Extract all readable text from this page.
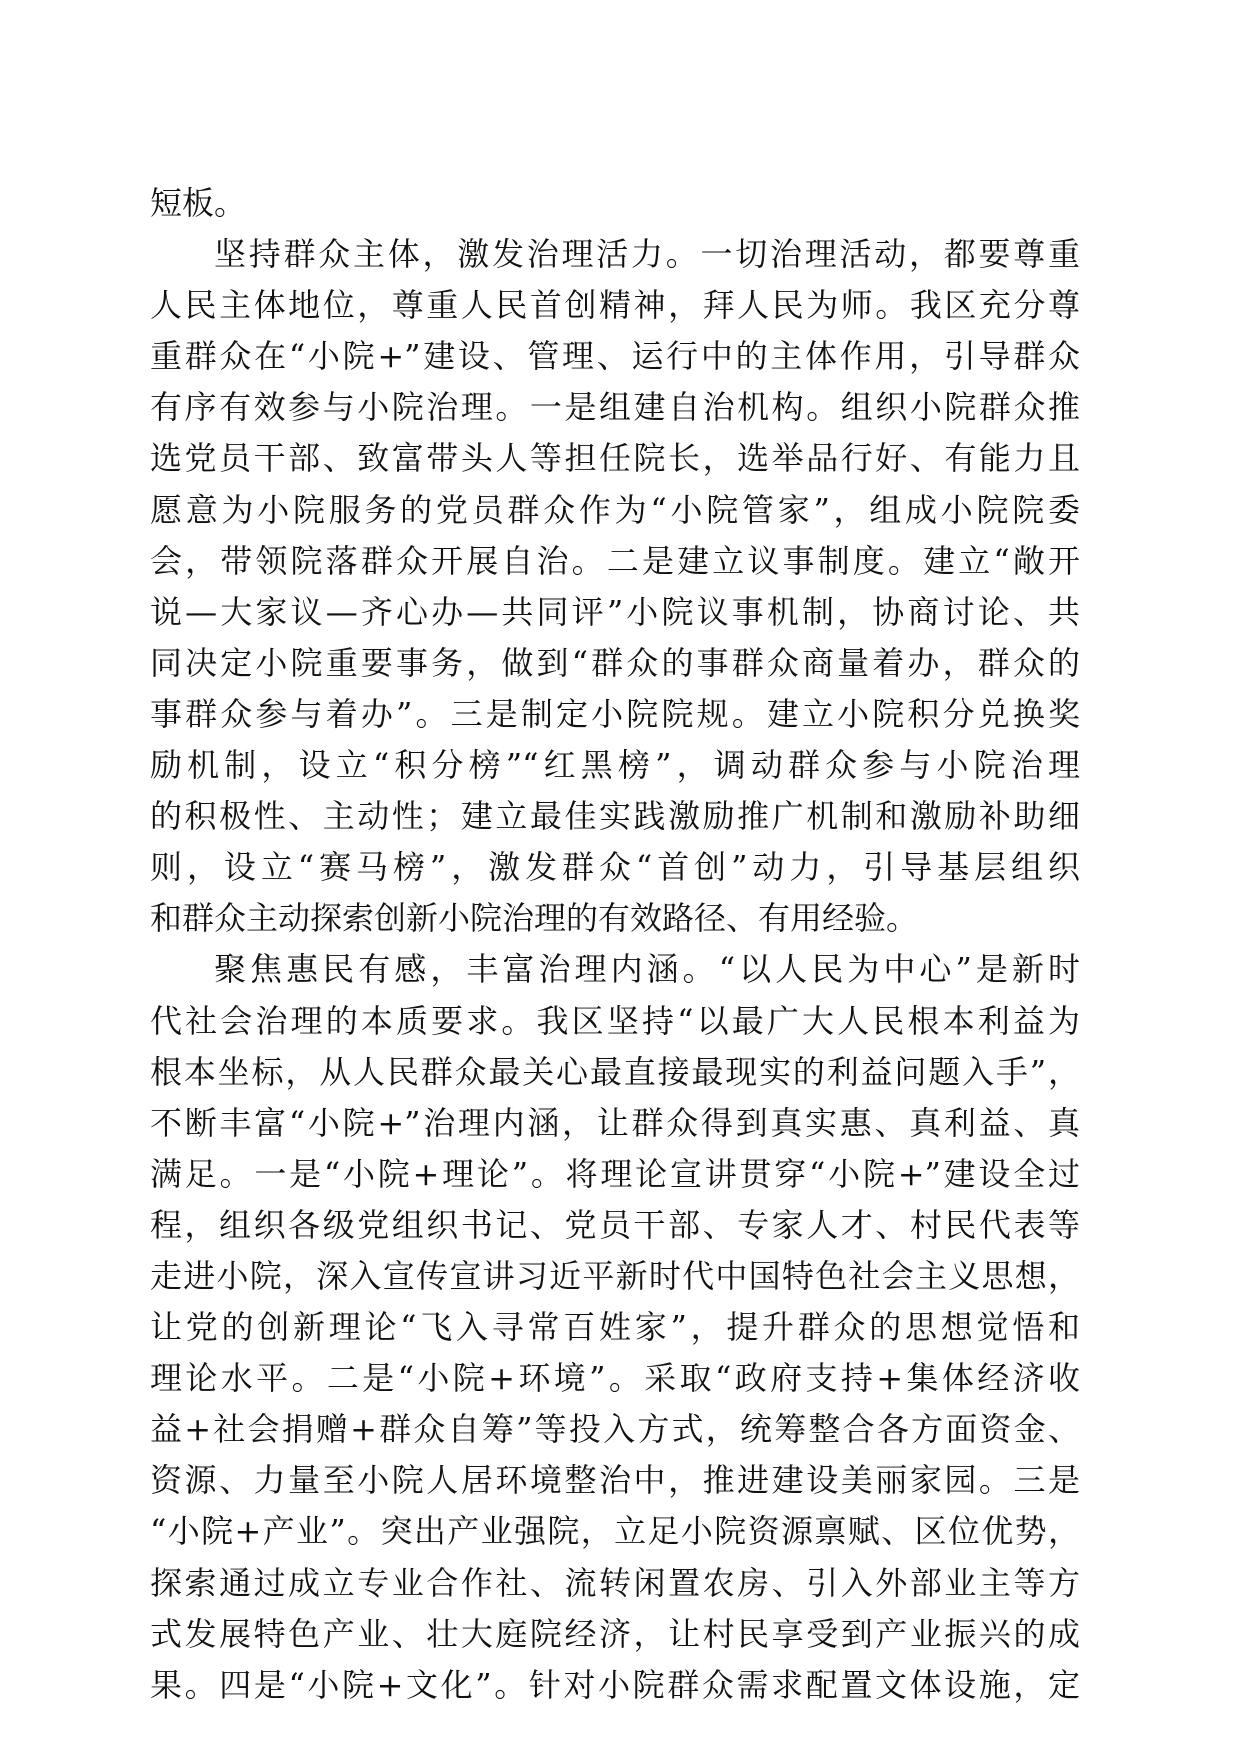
短板。
坚持群众主体，激发治理活力。一切治理活动，都要尊重
人民主体地位，尊重人民首创精神，拜人民为师。我区充分尊
重群众在“小院+”建设、管理、运行中的主体作用，引导群众
有序有效参与小院治理。一是组建自治机构。组织小院群众推
选党员干部、致富带头人等担任院长，选举品行好、有能力且
愿意为小院服务的党员群众作为“小院管家”，组成小院院委
会，带领院落群众开展自治。二是建立议事制度。建立“敞开
说—大家议—齐心办—共同评”小院议事机制，协商讨论、共
同决定小院重要事务，做到“群众的事群众商量着办，群众的
事群众参与着办”。三是制定小院院规。建立小院积分兑换奖
励机制，设立“积分榜”“红黑榜”，调动群众参与小院治理
的积极性、主动性；建立最佳实践激励推广机制和激励补助细
则，设立“赛马榜”，激发群众“首创”动力，引导基层组织
和群众主动探索创新小院治理的有效路径、有用经验。
聚焦惠民有感，丰富治理内涵。“以人民为中心”是新时
代社会治理的本质要求。我区坚持“以最广大人民根本利益为
根本坐标，从人民群众最关心最直接最现实的利益问题入手”，
不断丰富“小院+”治理内涵，让群众得到真实惠、真利益、真
满足。一是“小院+理论”。将理论宣讲贯穿“小院+”建设全过
程，组织各级党组织书记、党员干部、专家人才、村民代表等
走进小院，深入宣传宣讲习近平新时代中国特色社会主义思想，
让党的创新理论“飞入寻常百姓家”，提升群众的思想觉悟和
理论水平。二是“小院+环境”。采取“政府支持+集体经济收
益+社会捐赠+群众自筹”等投入方式，统筹整合各方面资金、
资源、力量至小院人居环境整治中，推进建设美丽家园。三是
“小院+产业”。突出产业强院，立足小院资源禀赋、区位优势，
探索通过成立专业合作社、流转闲置农房、引入外部业主等方
式发展特色产业、壮大庭院经济，让村民享受到产业振兴的成
果。四是“小院+文化”。针对小院群众需求配置文体设施，定
